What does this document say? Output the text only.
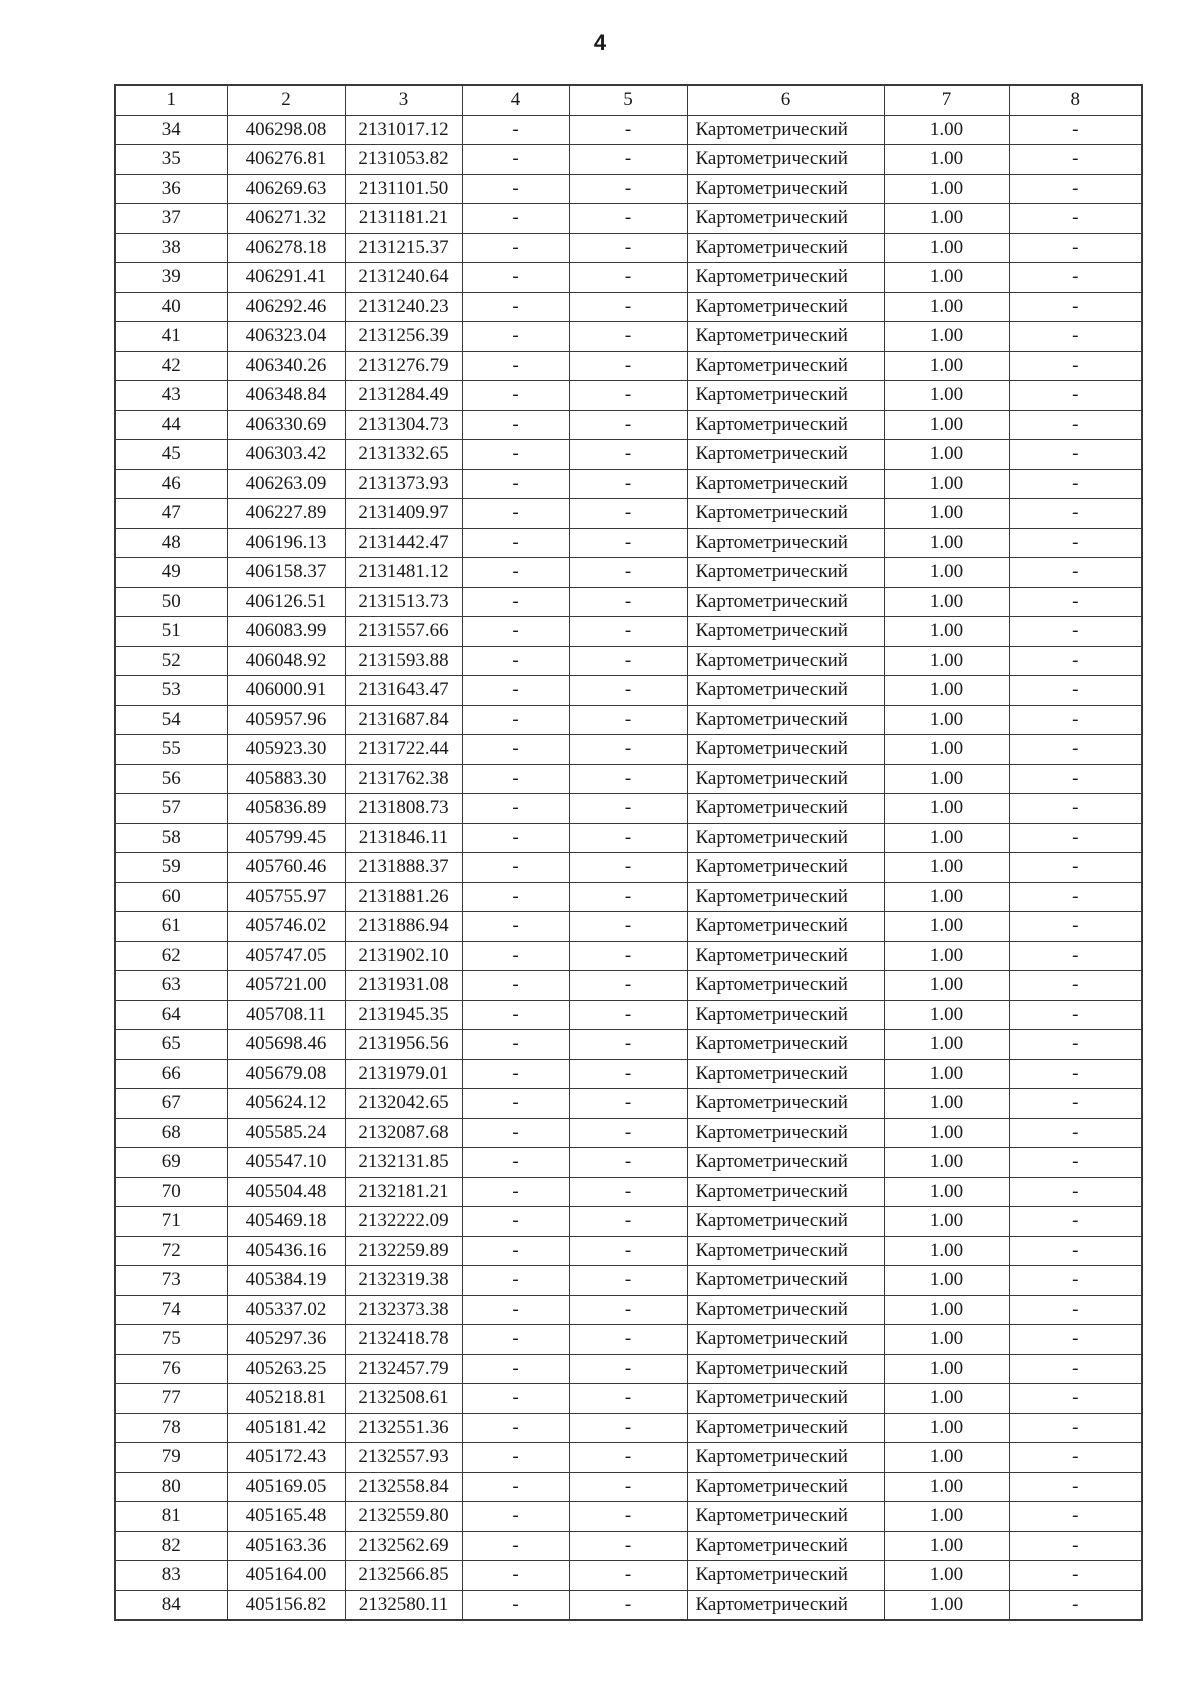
4
1	2	3	4	5	6	7	8
34	406298.08	2131017.12	-	-	Картометрический	1.00	-
35	406276.81	2131053.82	-	-	Картометрический	1.00	-
36	406269.63	2131101.50	-	-	Картометрический	1.00	-
37	406271.32	2131181.21	-	-	Картометрический	1.00	-
38	406278.18	2131215.37	-	-	Картометрический	1.00	-
39	406291.41	2131240.64	-	-	Картометрический	1.00	-
40	406292.46	2131240.23	-	-	Картометрический	1.00	-
41	406323.04	2131256.39	-	-	Картометрический	1.00	-
42	406340.26	2131276.79	-	-	Картометрический	1.00	-
43	406348.84	2131284.49	-	-	Картометрический	1.00	-
44	406330.69	2131304.73	-	-	Картометрический	1.00	-
45	406303.42	2131332.65	-	-	Картометрический	1.00	-
46	406263.09	2131373.93	-	-	Картометрический	1.00	-
47	406227.89	2131409.97	-	-	Картометрический	1.00	-
48	406196.13	2131442.47	-	-	Картометрический	1.00	-
49	406158.37	2131481.12	-	-	Картометрический	1.00	-
50	406126.51	2131513.73	-	-	Картометрический	1.00	-
51	406083.99	2131557.66	-	-	Картометрический	1.00	-
52	406048.92	2131593.88	-	-	Картометрический	1.00	-
53	406000.91	2131643.47	-	-	Картометрический	1.00	-
54	405957.96	2131687.84	-	-	Картометрический	1.00	-
55	405923.30	2131722.44	-	-	Картометрический	1.00	-
56	405883.30	2131762.38	-	-	Картометрический	1.00	-
57	405836.89	2131808.73	-	-	Картометрический	1.00	-
58	405799.45	2131846.11	-	-	Картометрический	1.00	-
59	405760.46	2131888.37	-	-	Картометрический	1.00	-
60	405755.97	2131881.26	-	-	Картометрический	1.00	-
61	405746.02	2131886.94	-	-	Картометрический	1.00	-
62	405747.05	2131902.10	-	-	Картометрический	1.00	-
63	405721.00	2131931.08	-	-	Картометрический	1.00	-
64	405708.11	2131945.35	-	-	Картометрический	1.00	-
65	405698.46	2131956.56	-	-	Картометрический	1.00	-
66	405679.08	2131979.01	-	-	Картометрический	1.00	-
67	405624.12	2132042.65	-	-	Картометрический	1.00	-
68	405585.24	2132087.68	-	-	Картометрический	1.00	-
69	405547.10	2132131.85	-	-	Картометрический	1.00	-
70	405504.48	2132181.21	-	-	Картометрический	1.00	-
71	405469.18	2132222.09	-	-	Картометрический	1.00	-
72	405436.16	2132259.89	-	-	Картометрический	1.00	-
73	405384.19	2132319.38	-	-	Картометрический	1.00	-
74	405337.02	2132373.38	-	-	Картометрический	1.00	-
75	405297.36	2132418.78	-	-	Картометрический	1.00	-
76	405263.25	2132457.79	-	-	Картометрический	1.00	-
77	405218.81	2132508.61	-	-	Картометрический	1.00	-
78	405181.42	2132551.36	-	-	Картометрический	1.00	-
79	405172.43	2132557.93	-	-	Картометрический	1.00	-
80	405169.05	2132558.84	-	-	Картометрический	1.00	-
81	405165.48	2132559.80	-	-	Картометрический	1.00	-
82	405163.36	2132562.69	-	-	Картометрический	1.00	-
83	405164.00	2132566.85	-	-	Картометрический	1.00	-
84	405156.82	2132580.11	-	-	Картометрический	1.00	-
